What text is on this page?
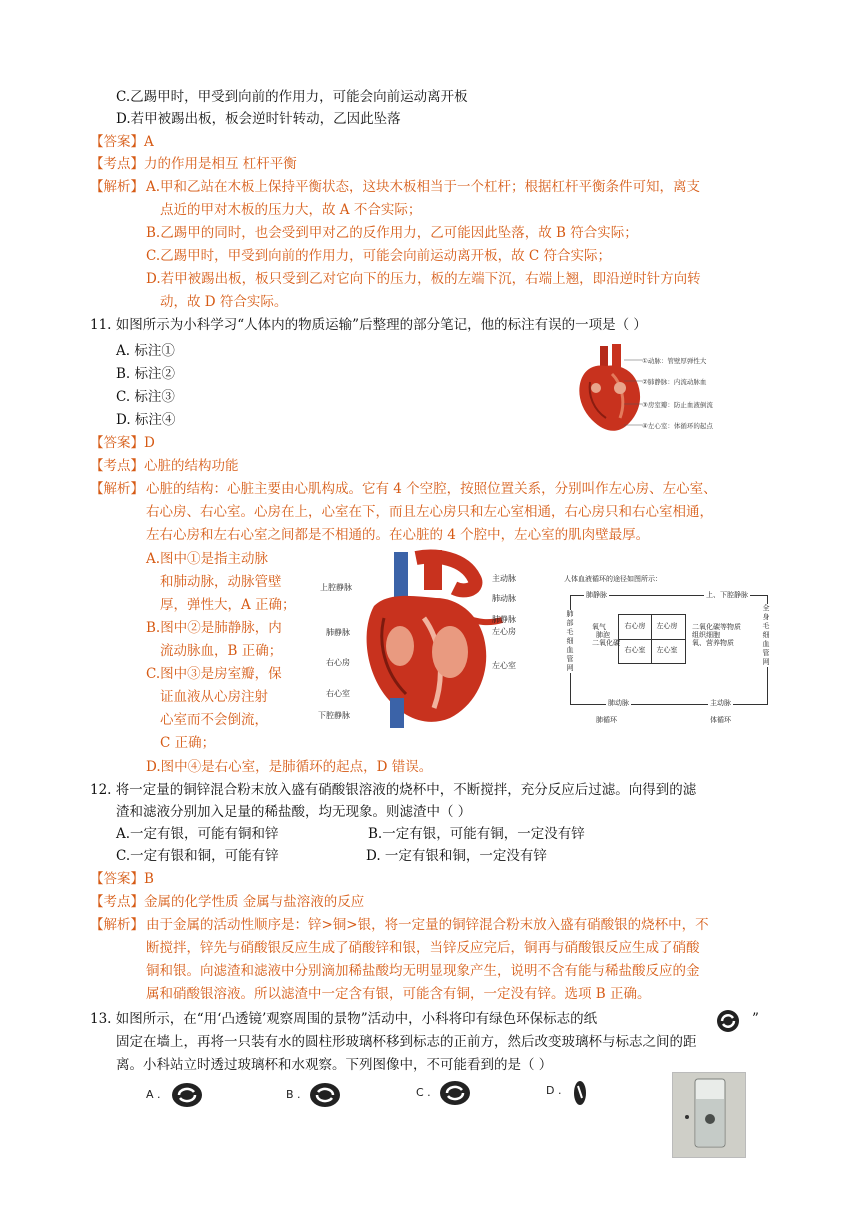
C.乙踢甲时，甲受到向前的作用力，可能会向前运动离开板
D.若甲被踢出板，板会逆时针转动，乙因此坠落
【答案】A
【考点】力的作用是相互 杠杆平衡
【解析】 A.甲和乙站在木板上保持平衡状态，这块木板相当于一个杠杆；根据杠杆平衡条件可知，离支
点近的甲对木板的压力大，故 A 不合实际；
B.乙踢甲的同时，也会受到甲对乙的反作用力，乙可能因此坠落，故 B 符合实际；
C.乙踢甲时，甲受到向前的作用力，可能会向前运动离开板，故 C 符合实际；
D.若甲被踢出板，板只受到乙对它向下的压力，板的左端下沉，右端上翘，即沿逆时针方向转
动，故 D 符合实际。
11. 如图所示为小科学习“人体内的物质运输”后整理的部分笔记，他的标注有误的一项是（ ）
A. 标注①
B. 标注②
C. 标注③
D. 标注④
①动脉：管壁厚弹性大
②肺静脉：内流动脉血
③房室瓣：防止血液倒流
④左心室：体循环的起点
【答案】D
【考点】心脏的结构功能
【解析】 心脏的结构：心脏主要由心肌构成。它有 4 个空腔，按照位置关系，分别叫作左心房、左心室、
右心房、右心室。心房在上，心室在下，而且左心房只和左心室相通，右心房只和右心室相通，
左右心房和左右心室之间都是不相通的。在心脏的 4 个腔中，左心室的肌肉壁最厚。
A.图中①是指主动脉
和肺动脉，动脉管壁
厚，弹性大，A 正确；
B.图中②是肺静脉，内
流动脉血，B 正确；
C.图中③是房室瓣，保
证血液从心房注射
心室而不会倒流，
C 正确；
D.图中④是右心室，是肺循环的起点，D 错误。
上腔静脉
肺静脉
右心房
右心室
下腔静脉
主动脉
肺动脉
肺静脉
左心房
左心室
人体血液循环的途径如图所示：
右心房	左心房
右心室	左心室
肺静脉	上、下腔静脉
氧气
二氧化碳
肺泡
二氧化碳等物质
组织细胞
氧、营养物质
肺部毛细血管网
全身毛细血管网
肺动脉	主动脉
肺循环	体循环
12. 将一定量的铜锌混合粉末放入盛有硝酸银溶液的烧杯中，不断搅拌，充分反应后过滤。向得到的滤
渣和滤液分别加入足量的稀盐酸，均无现象。则滤渣中（ ）
A.一定有银，可能有铜和锌	B.一定有银，可能有铜，一定没有锌
C.一定有银和铜，可能有锌	D. 一定有银和铜，一定没有锌
【答案】B
【考点】金属的化学性质 金属与盐溶液的反应
【解析】 由于金属的活动性顺序是：锌>铜>银，将一定量的铜锌混合粉末放入盛有硝酸银的烧杯中，不
断搅拌，锌先与硝酸银反应生成了硝酸锌和银，当锌反应完后，铜再与硝酸银反应生成了硝酸
铜和银。向滤渣和滤液中分别滴加稀盐酸均无明显现象产生，说明不含有能与稀盐酸反应的金
属和硝酸银溶液。所以滤渣中一定含有银，可能含有铜，一定没有锌。选项 B 正确。
13. 如图所示，在“用‘凸透镜’观察周围的景物”活动中，小科将印有绿色环保标志的纸	”
固定在墙上，再将一只装有水的圆柱形玻璃杯移到标志的正前方，然后改变玻璃杯与标志之间的距
离。小科站立时透过玻璃杯和水观察。下列图像中，不可能看到的是（ ）
A .	B .	C .	D .
